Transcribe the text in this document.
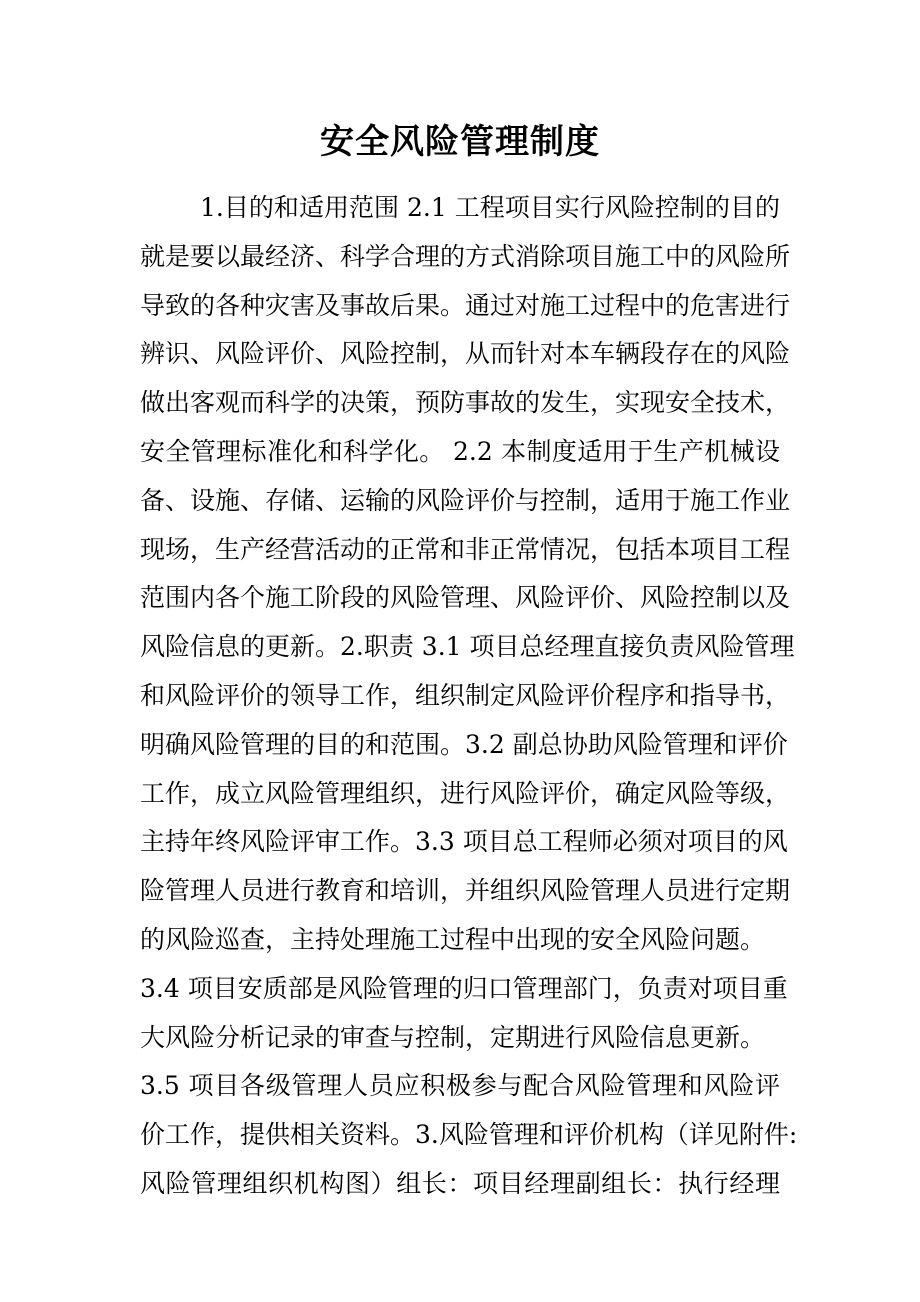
安全风险管理制度
1.目的和适用范围 2.1 工程项目实行风险控制的目的
就是要以最经济、科学合理的方式消除项目施工中的风险所
导致的各种灾害及事故后果。通过对施工过程中的危害进行
辨识、风险评价、风险控制，从而针对本车辆段存在的风险
做出客观而科学的决策，预防事故的发生，实现安全技术，
安全管理标准化和科学化。 2.2 本制度适用于生产机械设
备、设施、存储、运输的风险评价与控制，适用于施工作业
现场，生产经营活动的正常和非正常情况，包括本项目工程
范围内各个施工阶段的风险管理、风险评价、风险控制以及
风险信息的更新。2.职责 3.1 项目总经理直接负责风险管理
和风险评价的领导工作，组织制定风险评价程序和指导书，
明确风险管理的目的和范围。3.2 副总协助风险管理和评价
工作，成立风险管理组织，进行风险评价，确定风险等级，
主持年终风险评审工作。3.3 项目总工程师必须对项目的风
险管理人员进行教育和培训，并组织风险管理人员进行定期
的风险巡查，主持处理施工过程中出现的安全风险问题。
3.4 项目安质部是风险管理的归口管理部门，负责对项目重
大风险分析记录的审查与控制，定期进行风险信息更新。
3.5 项目各级管理人员应积极参与配合风险管理和风险评
价工作，提供相关资料。3.风险管理和评价机构（详见附件:
风险管理组织机构图）组长：项目经理副组长：执行经理
